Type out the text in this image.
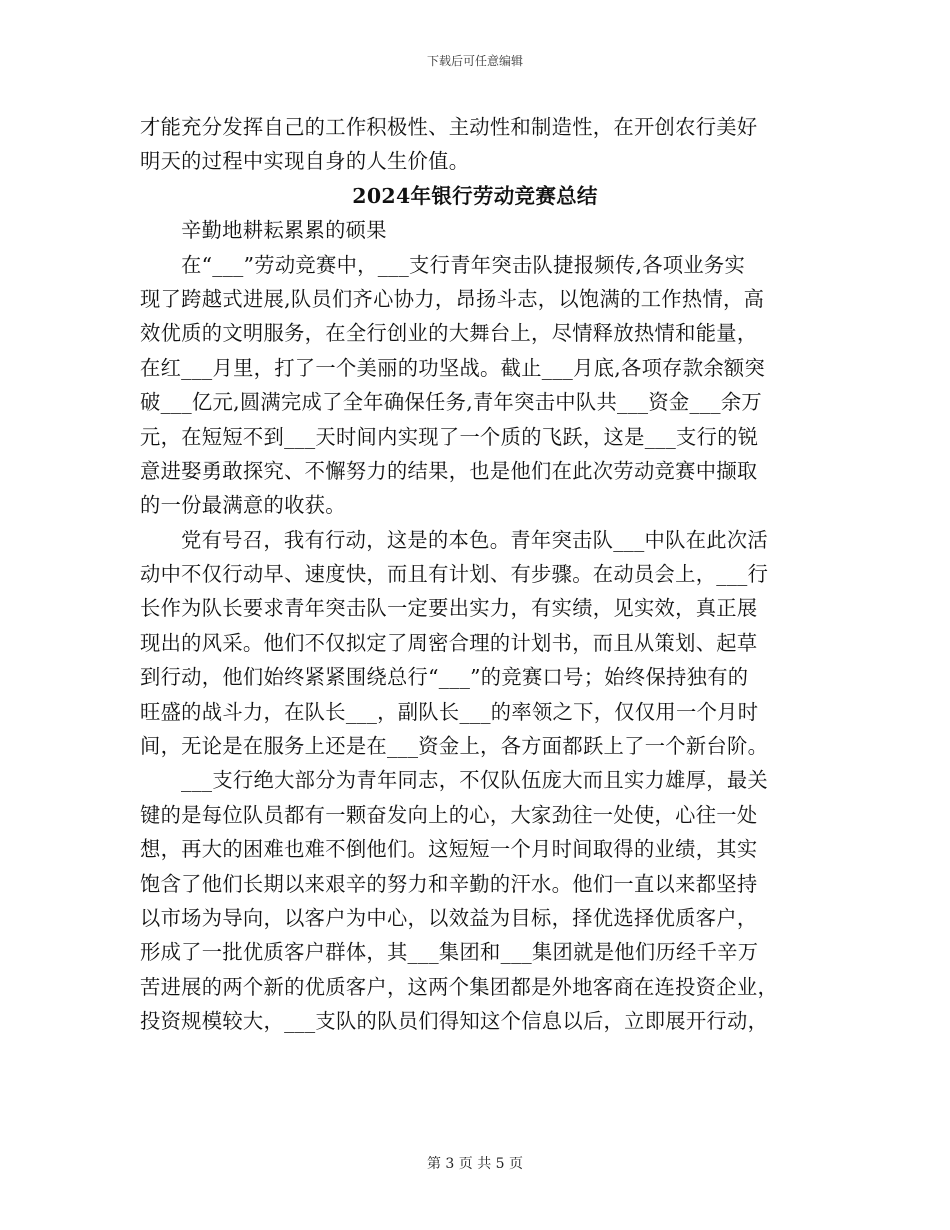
下载后可任意编辑
才能充分发挥自己的工作积极性、主动性和制造性，在开创农行美好
明天的过程中实现自身的人生价值。
2024年银行劳动竞赛总结
辛勤地耕耘累累的硕果
在“___”劳动竞赛中，___支行青年突击队捷报频传,各项业务实
现了跨越式进展,队员们齐心协力，昂扬斗志，以饱满的工作热情，高
效优质的文明服务，在全行创业的大舞台上，尽情释放热情和能量，
在红___月里，打了一个美丽的功坚战。截止___月底,各项存款余额突
破___亿元,圆满完成了全年确保任务,青年突击中队共___资金___余万
元，在短短不到___天时间内实现了一个质的飞跃，这是___支行的锐
意进娶勇敢探究、不懈努力的结果，也是他们在此次劳动竞赛中撷取
的一份最满意的收获。
党有号召，我有行动，这是的本色。青年突击队___中队在此次活
动中不仅行动早、速度快，而且有计划、有步骤。在动员会上，___行
长作为队长要求青年突击队一定要出实力，有实绩，见实效，真正展
现出的风采。他们不仅拟定了周密合理的计划书，而且从策划、起草
到行动，他们始终紧紧围绕总行“___”的竞赛口号；始终保持独有的
旺盛的战斗力，在队长___，副队长___的率领之下，仅仅用一个月时
间，无论是在服务上还是在___资金上，各方面都跃上了一个新台阶。
___支行绝大部分为青年同志，不仅队伍庞大而且实力雄厚，最关
键的是每位队员都有一颗奋发向上的心，大家劲往一处使，心往一处
想，再大的困难也难不倒他们。这短短一个月时间取得的业绩，其实
饱含了他们长期以来艰辛的努力和辛勤的汗水。他们一直以来都坚持
以市场为导向，以客户为中心，以效益为目标，择优选择优质客户，
形成了一批优质客户群体，其___集团和___集团就是他们历经千辛万
苦进展的两个新的优质客户，这两个集团都是外地客商在连投资企业，
投资规模较大，___支队的队员们得知这个信息以后，立即展开行动，
第 3 页 共 5 页
